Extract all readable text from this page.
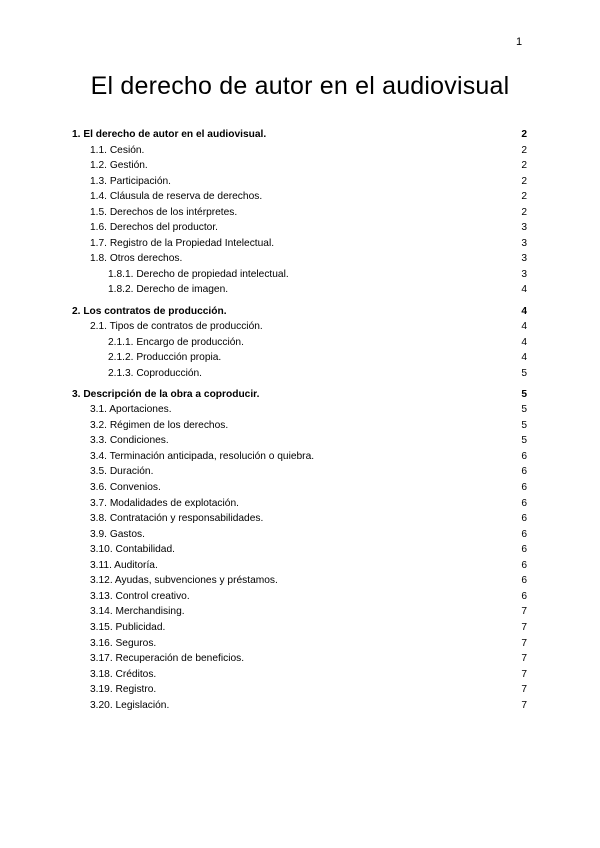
1
El derecho de autor en el audiovisual
1. El derecho de autor en el audiovisual.	2
1.1. Cesión.	2
1.2. Gestión.	2
1.3. Participación.	2
1.4. Cláusula de reserva de derechos.	2
1.5. Derechos de los intérpretes.	2
1.6. Derechos del productor.	3
1.7. Registro de la Propiedad Intelectual.	3
1.8. Otros derechos.	3
1.8.1. Derecho de propiedad intelectual.	3
1.8.2. Derecho de imagen.	4
2. Los contratos de producción.	4
2.1. Tipos de contratos de producción.	4
2.1.1. Encargo de producción.	4
2.1.2. Producción propia.	4
2.1.3. Coproducción.	5
3. Descripción de la obra a coproducir.	5
3.1. Aportaciones.	5
3.2. Régimen de los derechos.	5
3.3. Condiciones.	5
3.4. Terminación anticipada, resolución o quiebra.	6
3.5. Duración.	6
3.6. Convenios.	6
3.7. Modalidades de explotación.	6
3.8. Contratación y responsabilidades.	6
3.9. Gastos.	6
3.10. Contabilidad.	6
3.11. Auditoría.	6
3.12. Ayudas, subvenciones y préstamos.	6
3.13. Control creativo.	6
3.14. Merchandising.	7
3.15. Publicidad.	7
3.16. Seguros.	7
3.17. Recuperación de beneficios.	7
3.18. Créditos.	7
3.19. Registro.	7
3.20. Legislación.	7
